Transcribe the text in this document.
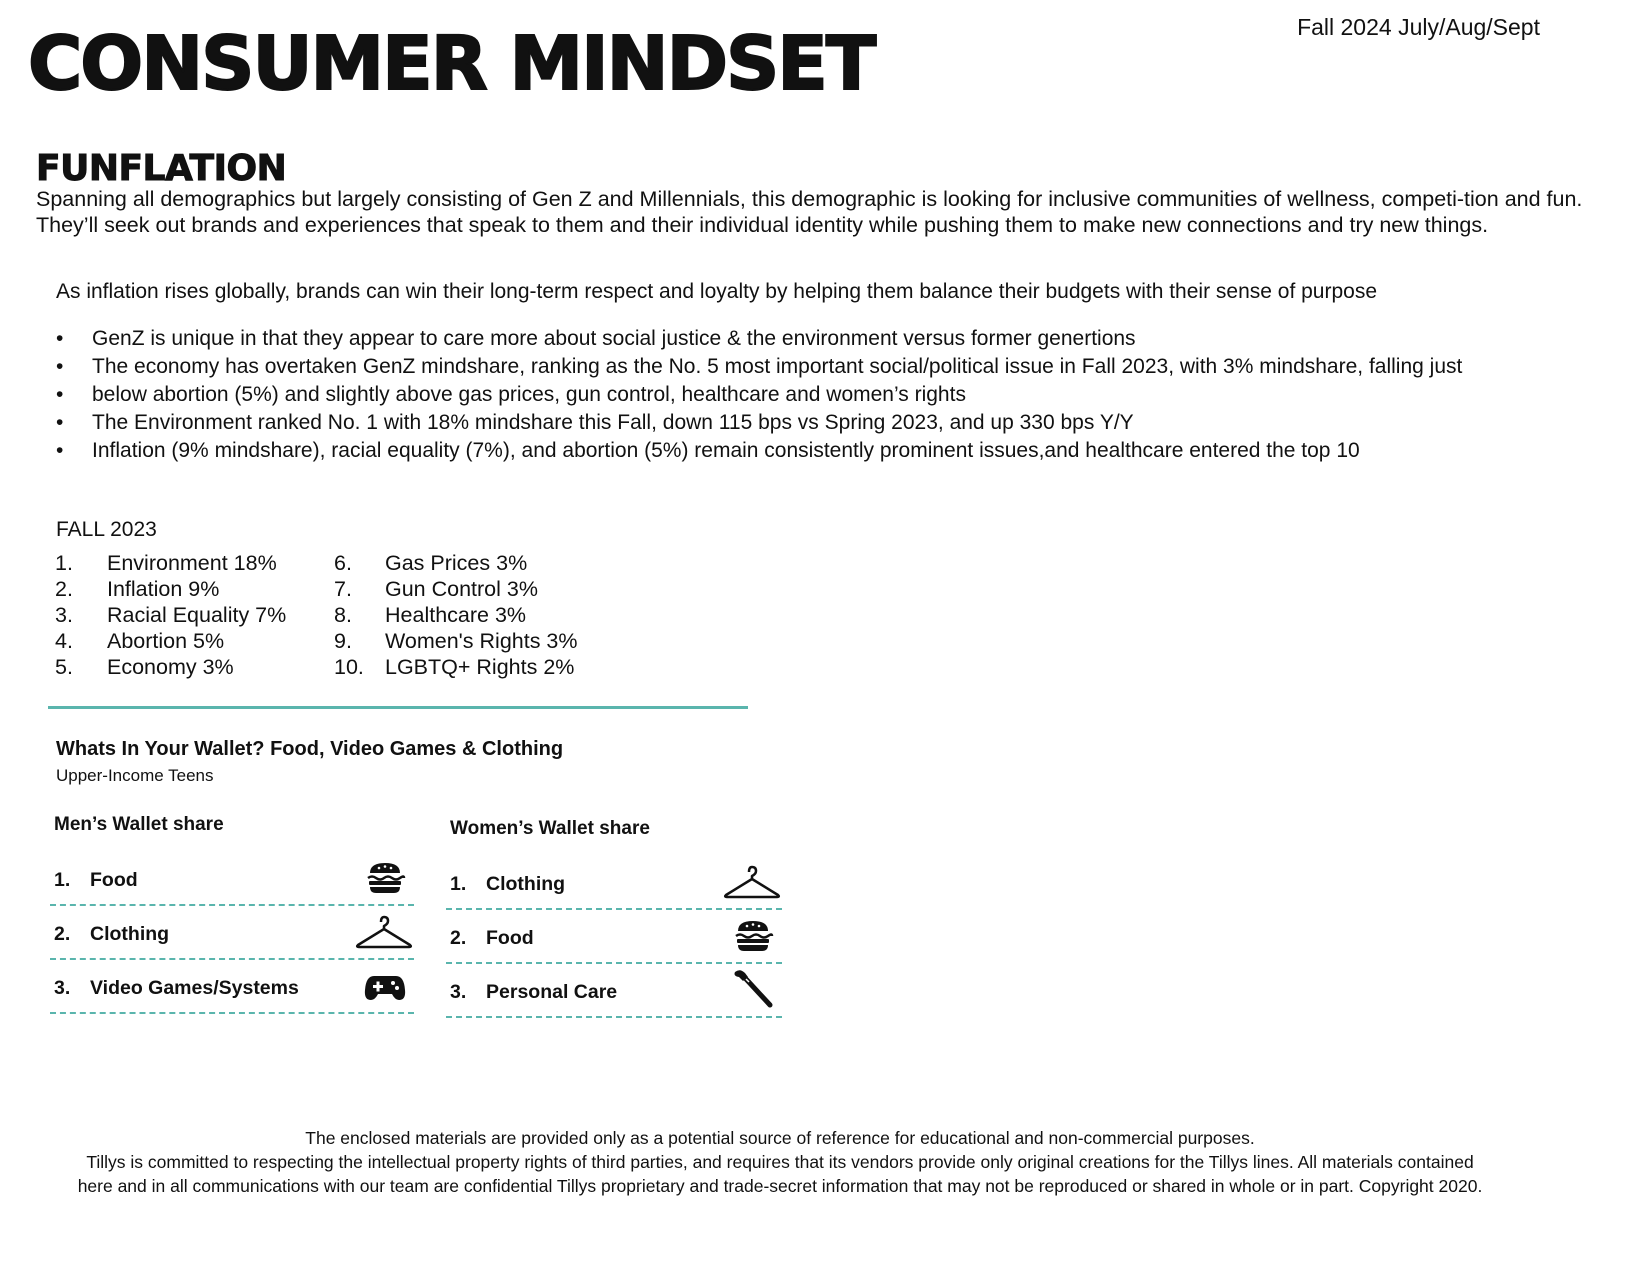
Fall 2024 July/Aug/Sept
CONSUMER MINDSET
FUNFLATION

Spanning all demographics but largely consisting of Gen Z and Millennials, this demographic is looking for inclusive communities of wellness, competi-tion and fun. They’ll seek out brands and experiences that speak to them and their individual identity while pushing them to make new connections and try new things.

As inflation rises globally, brands can win their long-term respect and loyalty by helping them balance their budgets with their sense of purpose

• GenZ is unique in that they appear to care more about social justice & the environment versus former genertions
• The economy has overtaken GenZ mindshare, ranking as the No. 5 most important social/political issue in Fall 2023, with 3% mindshare, falling just
• below abortion (5%) and slightly above gas prices, gun control, healthcare and women’s rights
• The Environment ranked No. 1 with 18% mindshare this Fall, down 115 bps vs Spring 2023, and up 330 bps Y/Y
• Inflation (9% mindshare), racial equality (7%), and abortion (5%) remain consistently prominent issues,and healthcare entered the top 10
FALL 2023
1.	Environment 18%
2.	Inflation 9%
3.	Racial Equality 7%
4.	Abortion 5%
5.	Economy 3%
6.	Gas Prices 3%
7.	Gun Control 3%
8.	Healthcare 3%
9.	Women's Rights 3%
10. LGBTQ+ Rights 2%
Whats In Your Wallet? Food, Video Games & Clothing
Upper-Income Teens
Men’s Wallet share
1. Food
2. Clothing
3. Video Games/Systems
Women’s Wallet share
1. Clothing
2. Food
3. Personal Care
The enclosed materials are provided only as a potential source of reference for educational and non-commercial purposes.
Tillys is committed to respecting the intellectual property rights of third parties, and requires that its vendors provide only original creations for the Tillys lines. All materials contained
here and in all communications with our team are confidential Tillys proprietary and trade-secret information that may not be reproduced or shared in whole or in part. Copyright 2020.
